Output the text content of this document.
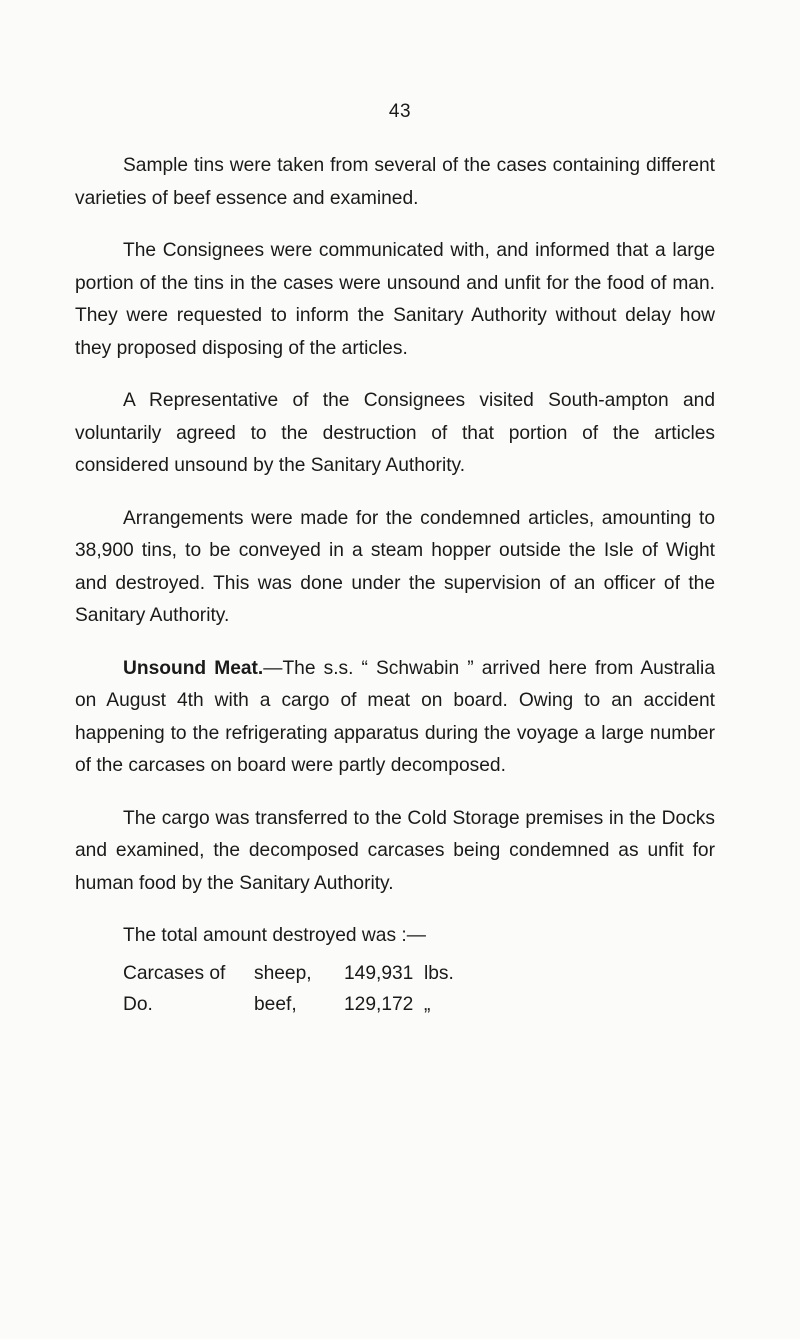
43

Sample tins were taken from several of the cases containing different varieties of beef essence and examined.

The Consignees were communicated with, and informed that a large portion of the tins in the cases were unsound and unfit for the food of man. They were requested to inform the Sanitary Authority without delay how they proposed disposing of the articles.

A Representative of the Consignees visited South-ampton and voluntarily agreed to the destruction of that portion of the articles considered unsound by the Sanitary Authority.

Arrangements were made for the condemned articles, amounting to 38,900 tins, to be conveyed in a steam hopper outside the Isle of Wight and destroyed. This was done under the supervision of an officer of the Sanitary Authority.

Unsound Meat.—The s.s. “ Schwabin ” arrived here from Australia on August 4th with a cargo of meat on board. Owing to an accident happening to the refrigerating apparatus during the voyage a large number of the carcases on board were partly decomposed.

The cargo was transferred to the Cold Storage premises in the Docks and examined, the decomposed carcases being condemned as unfit for human food by the Sanitary Authority.

The total amount destroyed was :—

Carcases of	sheep,	149,931 lbs.
Do.	beef,	129,172 „
